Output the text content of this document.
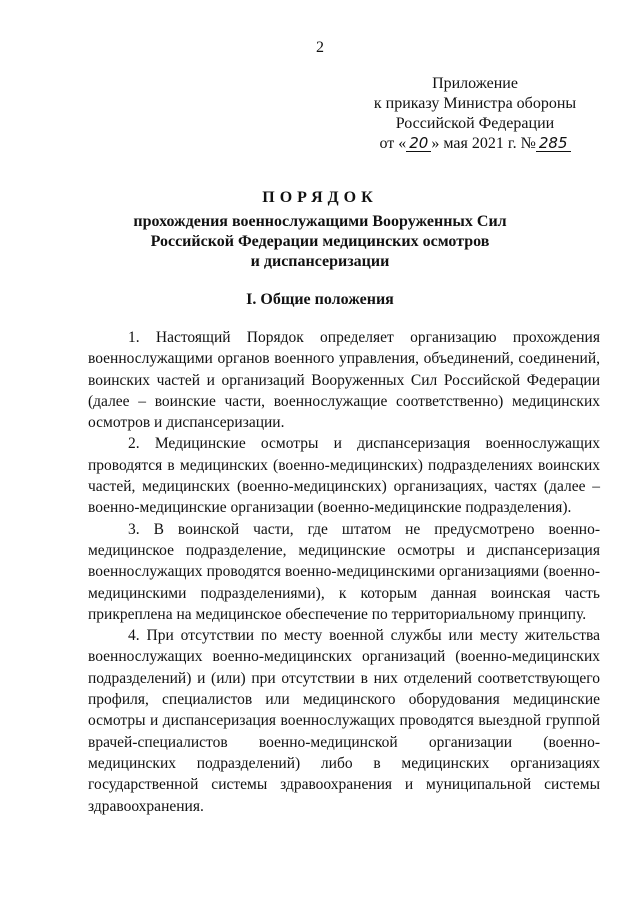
2
Приложение
к приказу Министра обороны
Российской Федерации
от « 20 » мая 2021 г. № 285
ПОРЯДОК
прохождения военнослужащими Вооруженных Сил
Российской Федерации медицинских осмотров
и диспансеризации
I. Общие положения

1. Настоящий Порядок определяет организацию прохождения военнослужащими органов военного управления, объединений, соединений, воинских частей и организаций Вооруженных Сил Российской Федерации (далее – воинские части, военнослужащие соответственно) медицинских осмотров и диспансеризации.

2. Медицинские осмотры и диспансеризация военнослужащих проводятся в медицинских (военно-медицинских) подразделениях воинских частей, медицинских (военно-медицинских) организациях, частях (далее – военно-медицинские организации (военно-медицинские подразделения).

3. В воинской части, где штатом не предусмотрено военно-медицинское подразделение, медицинские осмотры и диспансеризация военнослужащих проводятся военно-медицинскими организациями (военно-медицинскими подразделениями), к которым данная воинская часть прикреплена на медицинское обеспечение по территориальному принципу.

4. При отсутствии по месту военной службы или месту жительства военнослужащих военно-медицинских организаций (военно-медицинских подразделений) и (или) при отсутствии в них отделений соответствующего профиля, специалистов или медицинского оборудования медицинские осмотры и диспансеризация военнослужащих проводятся выездной группой врачей-специалистов военно-медицинской организации (военно-медицинских подразделений) либо в медицинских организациях государственной системы здравоохранения и муниципальной системы здравоохранения.
